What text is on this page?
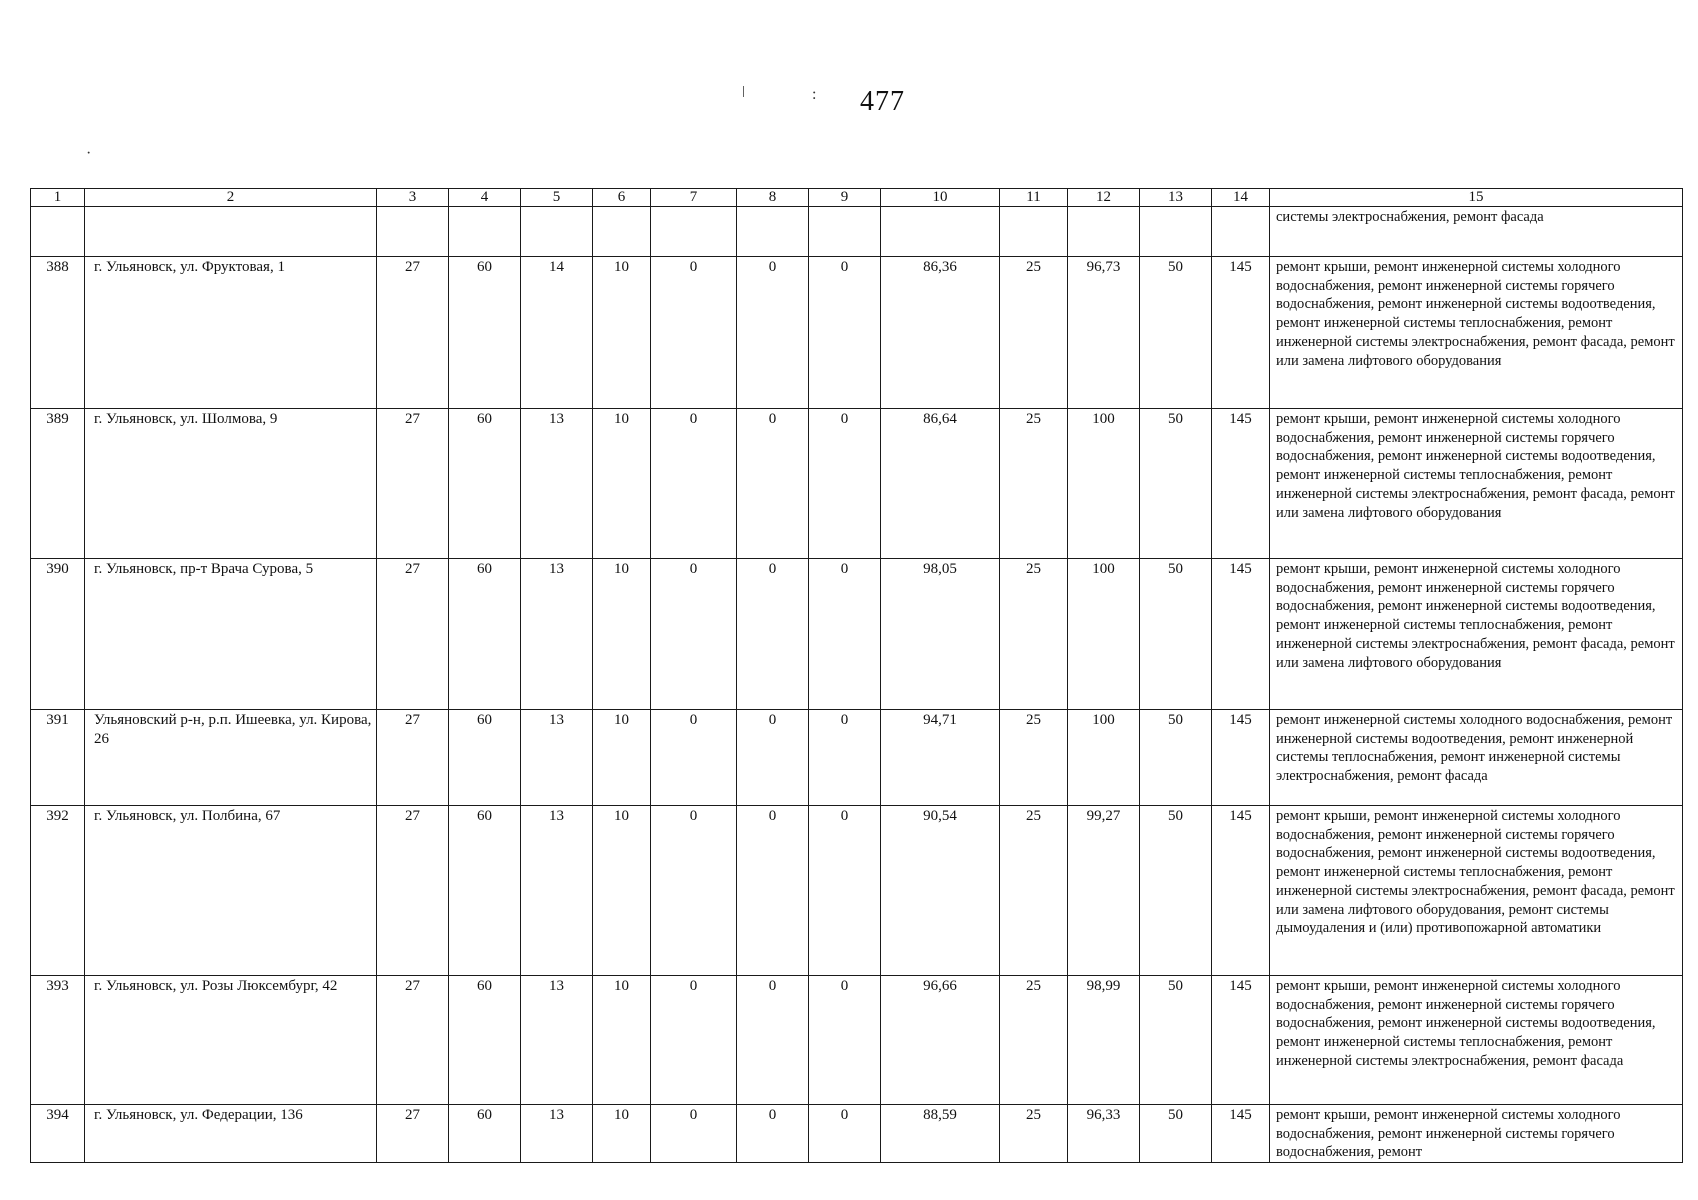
ǀ	:
·
477
1	2	3	4	5	6	7	8	9	10	11	12	13	14	15
														системы электроснабжения, ремонт фасада
388	г. Ульяновск, ул. Фруктовая, 1	27	60	14	10	0	0	0	86,36	25	96,73	50	145	ремонт крыши, ремонт инженерной системы холодного водоснабжения, ремонт инженерной системы горячего водоснабжения, ремонт инженерной системы водоотведения, ремонт инженерной системы теплоснабжения, ремонт инженерной системы электроснабжения, ремонт фасада, ремонт или замена лифтового оборудования
389	г. Ульяновск, ул. Шолмова, 9	27	60	13	10	0	0	0	86,64	25	100	50	145	ремонт крыши, ремонт инженерной системы холодного водоснабжения, ремонт инженерной системы горячего водоснабжения, ремонт инженерной системы водоотведения, ремонт инженерной системы теплоснабжения, ремонт инженерной системы электроснабжения, ремонт фасада, ремонт или замена лифтового оборудования
390	г. Ульяновск, пр-т Врача Сурова, 5	27	60	13	10	0	0	0	98,05	25	100	50	145	ремонт крыши, ремонт инженерной системы холодного водоснабжения, ремонт инженерной системы горячего водоснабжения, ремонт инженерной системы водоотведения, ремонт инженерной системы теплоснабжения, ремонт инженерной системы электроснабжения, ремонт фасада, ремонт или замена лифтового оборудования
391	Ульяновский р-н, р.п. Ишеевка, ул. Кирова, 26	27	60	13	10	0	0	0	94,71	25	100	50	145	ремонт инженерной системы холодного водоснабжения, ремонт инженерной системы водоотведения, ремонт инженерной системы теплоснабжения, ремонт инженерной системы электроснабжения, ремонт фасада
392	г. Ульяновск, ул. Полбина, 67	27	60	13	10	0	0	0	90,54	25	99,27	50	145	ремонт крыши, ремонт инженерной системы холодного водоснабжения, ремонт инженерной системы горячего водоснабжения, ремонт инженерной системы водоотведения, ремонт инженерной системы теплоснабжения, ремонт инженерной системы электроснабжения, ремонт фасада, ремонт или замена лифтового оборудования, ремонт системы дымоудаления и (или) противопожарной автоматики
393	г. Ульяновск, ул. Розы Люксембург, 42	27	60	13	10	0	0	0	96,66	25	98,99	50	145	ремонт крыши, ремонт инженерной системы холодного водоснабжения, ремонт инженерной системы горячего водоснабжения, ремонт инженерной системы водоотведения, ремонт инженерной системы теплоснабжения, ремонт инженерной системы электроснабжения, ремонт фасада
394	г. Ульяновск, ул. Федерации, 136	27	60	13	10	0	0	0	88,59	25	96,33	50	145	ремонт крыши, ремонт инженерной системы холодного водоснабжения, ремонт инженерной системы горячего водоснабжения, ремонт
